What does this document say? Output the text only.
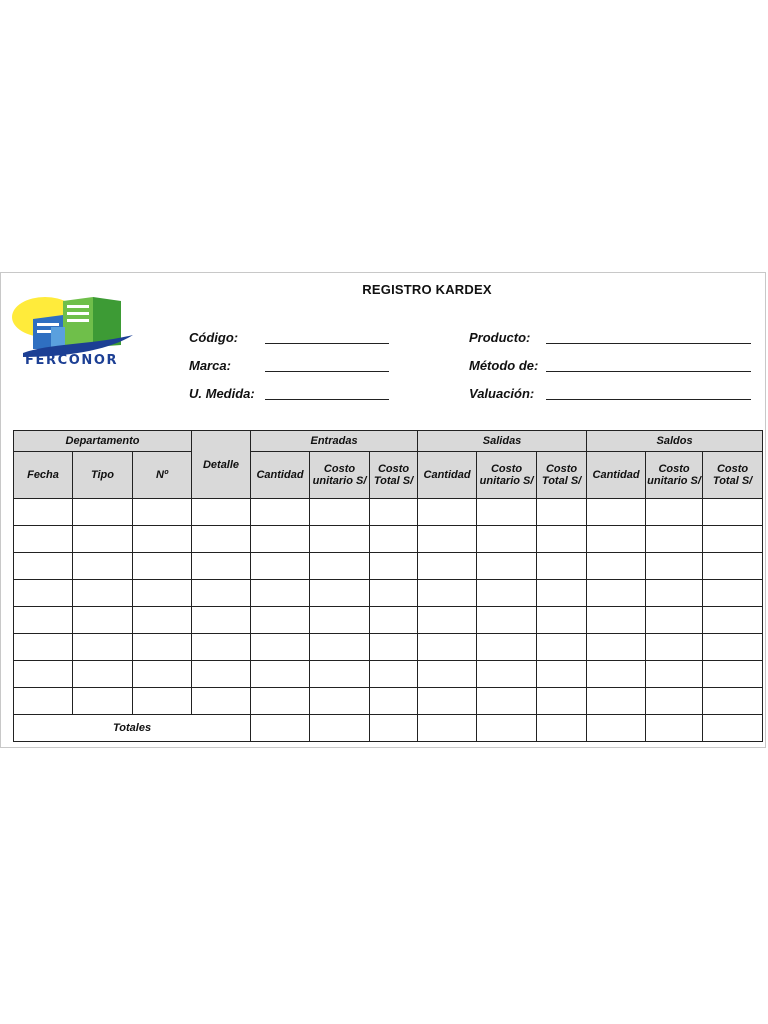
FERCONOR
REGISTRO KARDEX
Código:
Marca:
U. Medida:
Producto:
Método de:
Valuación:
Departamento			Detalle	Entradas			Salidas			Saldos		
Fecha	Tipo	Nº		Cantidad	Costo unitario S/	Costo Total S/	Cantidad	Costo unitario S/	Costo Total S/	Cantidad	Costo unitario S/	Costo Total S/

Totales												
